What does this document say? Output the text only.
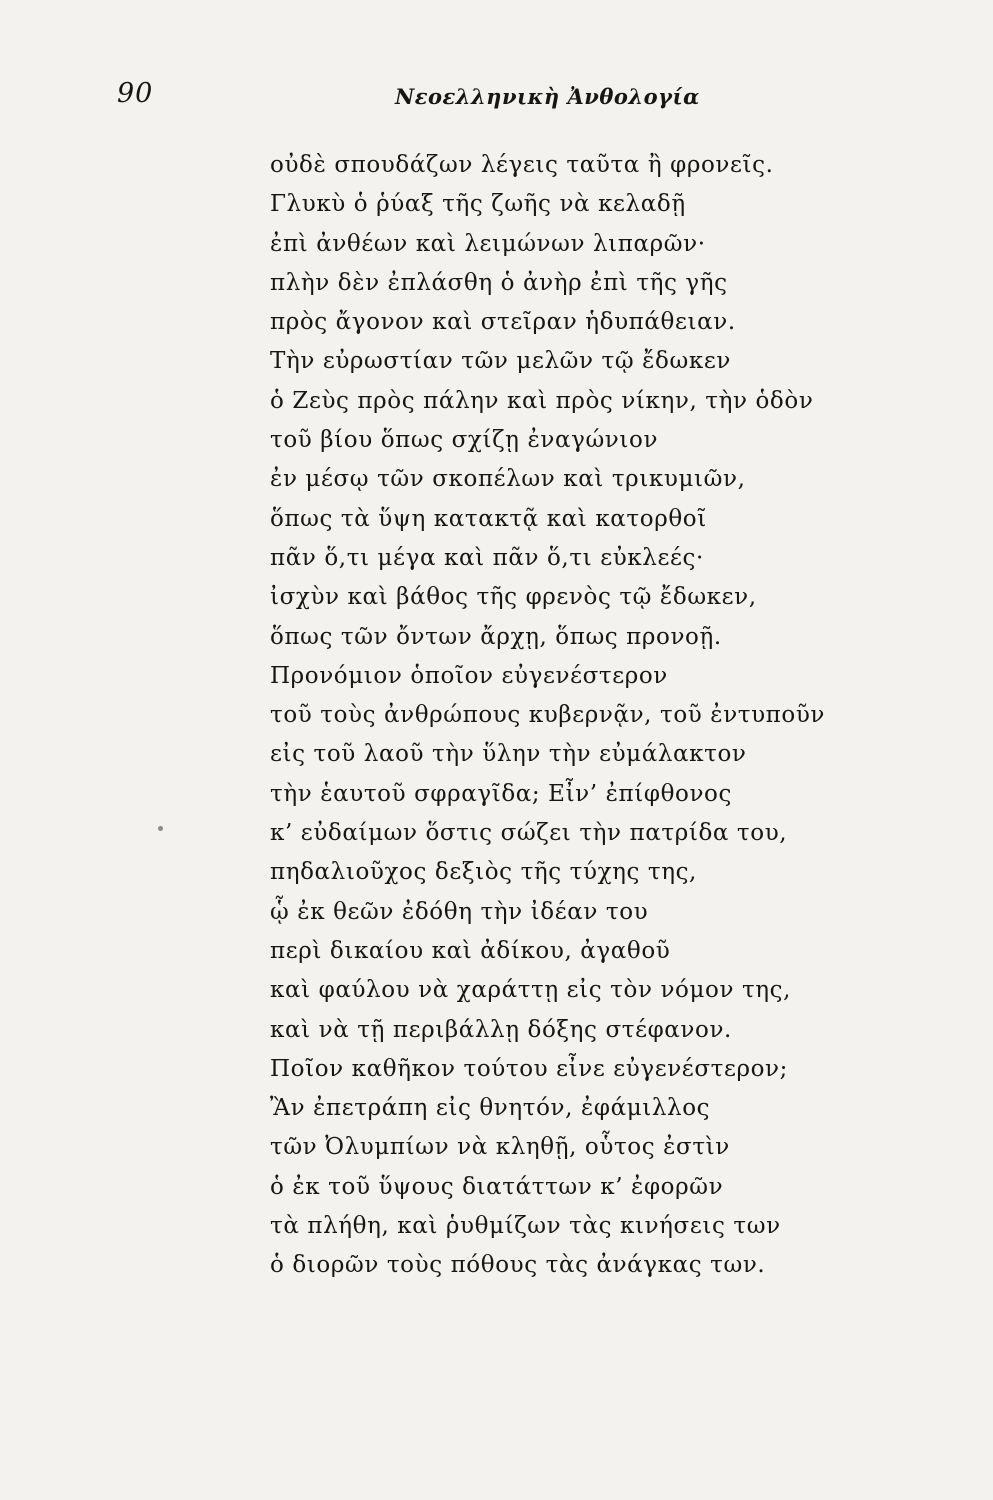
90	Νεοελληνικὴ Ἀνθολογία
οὐδὲ σπουδάζων λέγεις ταῦτα ἢ φρονεῖς.
Γλυκὺ ὁ ῥύαξ τῆς ζωῆς νὰ κελαδῇ
ἐπὶ ἀνθέων καὶ λειμώνων λιπαρῶν·
πλὴν δὲν ἐπλάσθη ὁ ἀνὴρ ἐπὶ τῆς γῆς
πρὸς ἄγονον καὶ στεῖραν ἡδυπάθειαν.
Τὴν εὐρωστίαν τῶν μελῶν τῷ ἔδωκεν
ὁ Ζεὺς πρὸς πάλην καὶ πρὸς νίκην, τὴν ὁδὸν
τοῦ βίου ὅπως σχίζῃ ἐναγώνιον
ἐν μέσῳ τῶν σκοπέλων καὶ τρικυμιῶν,
ὅπως τὰ ὕψη κατακτᾷ καὶ κατορθοῖ
πᾶν ὅ,τι μέγα καὶ πᾶν ὅ,τι εὐκλεές·
ἰσχὺν καὶ βάθος τῆς φρενὸς τῷ ἔδωκεν,
ὅπως τῶν ὄντων ἄρχῃ, ὅπως προνοῇ.
Προνόμιον ὁποῖον εὐγενέστερον
τοῦ τοὺς ἀνθρώπους κυβερνᾷν, τοῦ ἐντυποῦν
εἰς τοῦ λαοῦ τὴν ὕλην τὴν εὐμάλακτον
τὴν ἑαυτοῦ σφραγῖδα; Εἶν’ ἐπίφθονος
κ’ εὐδαίμων ὅστις σώζει τὴν πατρίδα του,
πηδαλιοῦχος δεξιὸς τῆς τύχης της,
ᾧ ἐκ θεῶν ἐδόθη τὴν ἰδέαν του
περὶ δικαίου καὶ ἀδίκου, ἀγαθοῦ
καὶ φαύλου νὰ χαράττῃ εἰς τὸν νόμον της,
καὶ νὰ τῇ περιβάλλῃ δόξης στέφανον.
Ποῖον καθῆκον τούτου εἶνε εὐγενέστερον;
Ἂν ἐπετράπη εἰς θνητόν, ἐφάμιλλος
τῶν Ὀλυμπίων νὰ κληθῇ, οὗτος ἐστὶν
ὁ ἐκ τοῦ ὕψους διατάττων κ’ ἐφορῶν
τὰ πλήθη, καὶ ῥυθμίζων τὰς κινήσεις των
ὁ διορῶν τοὺς πόθους τὰς ἀνάγκας των.
